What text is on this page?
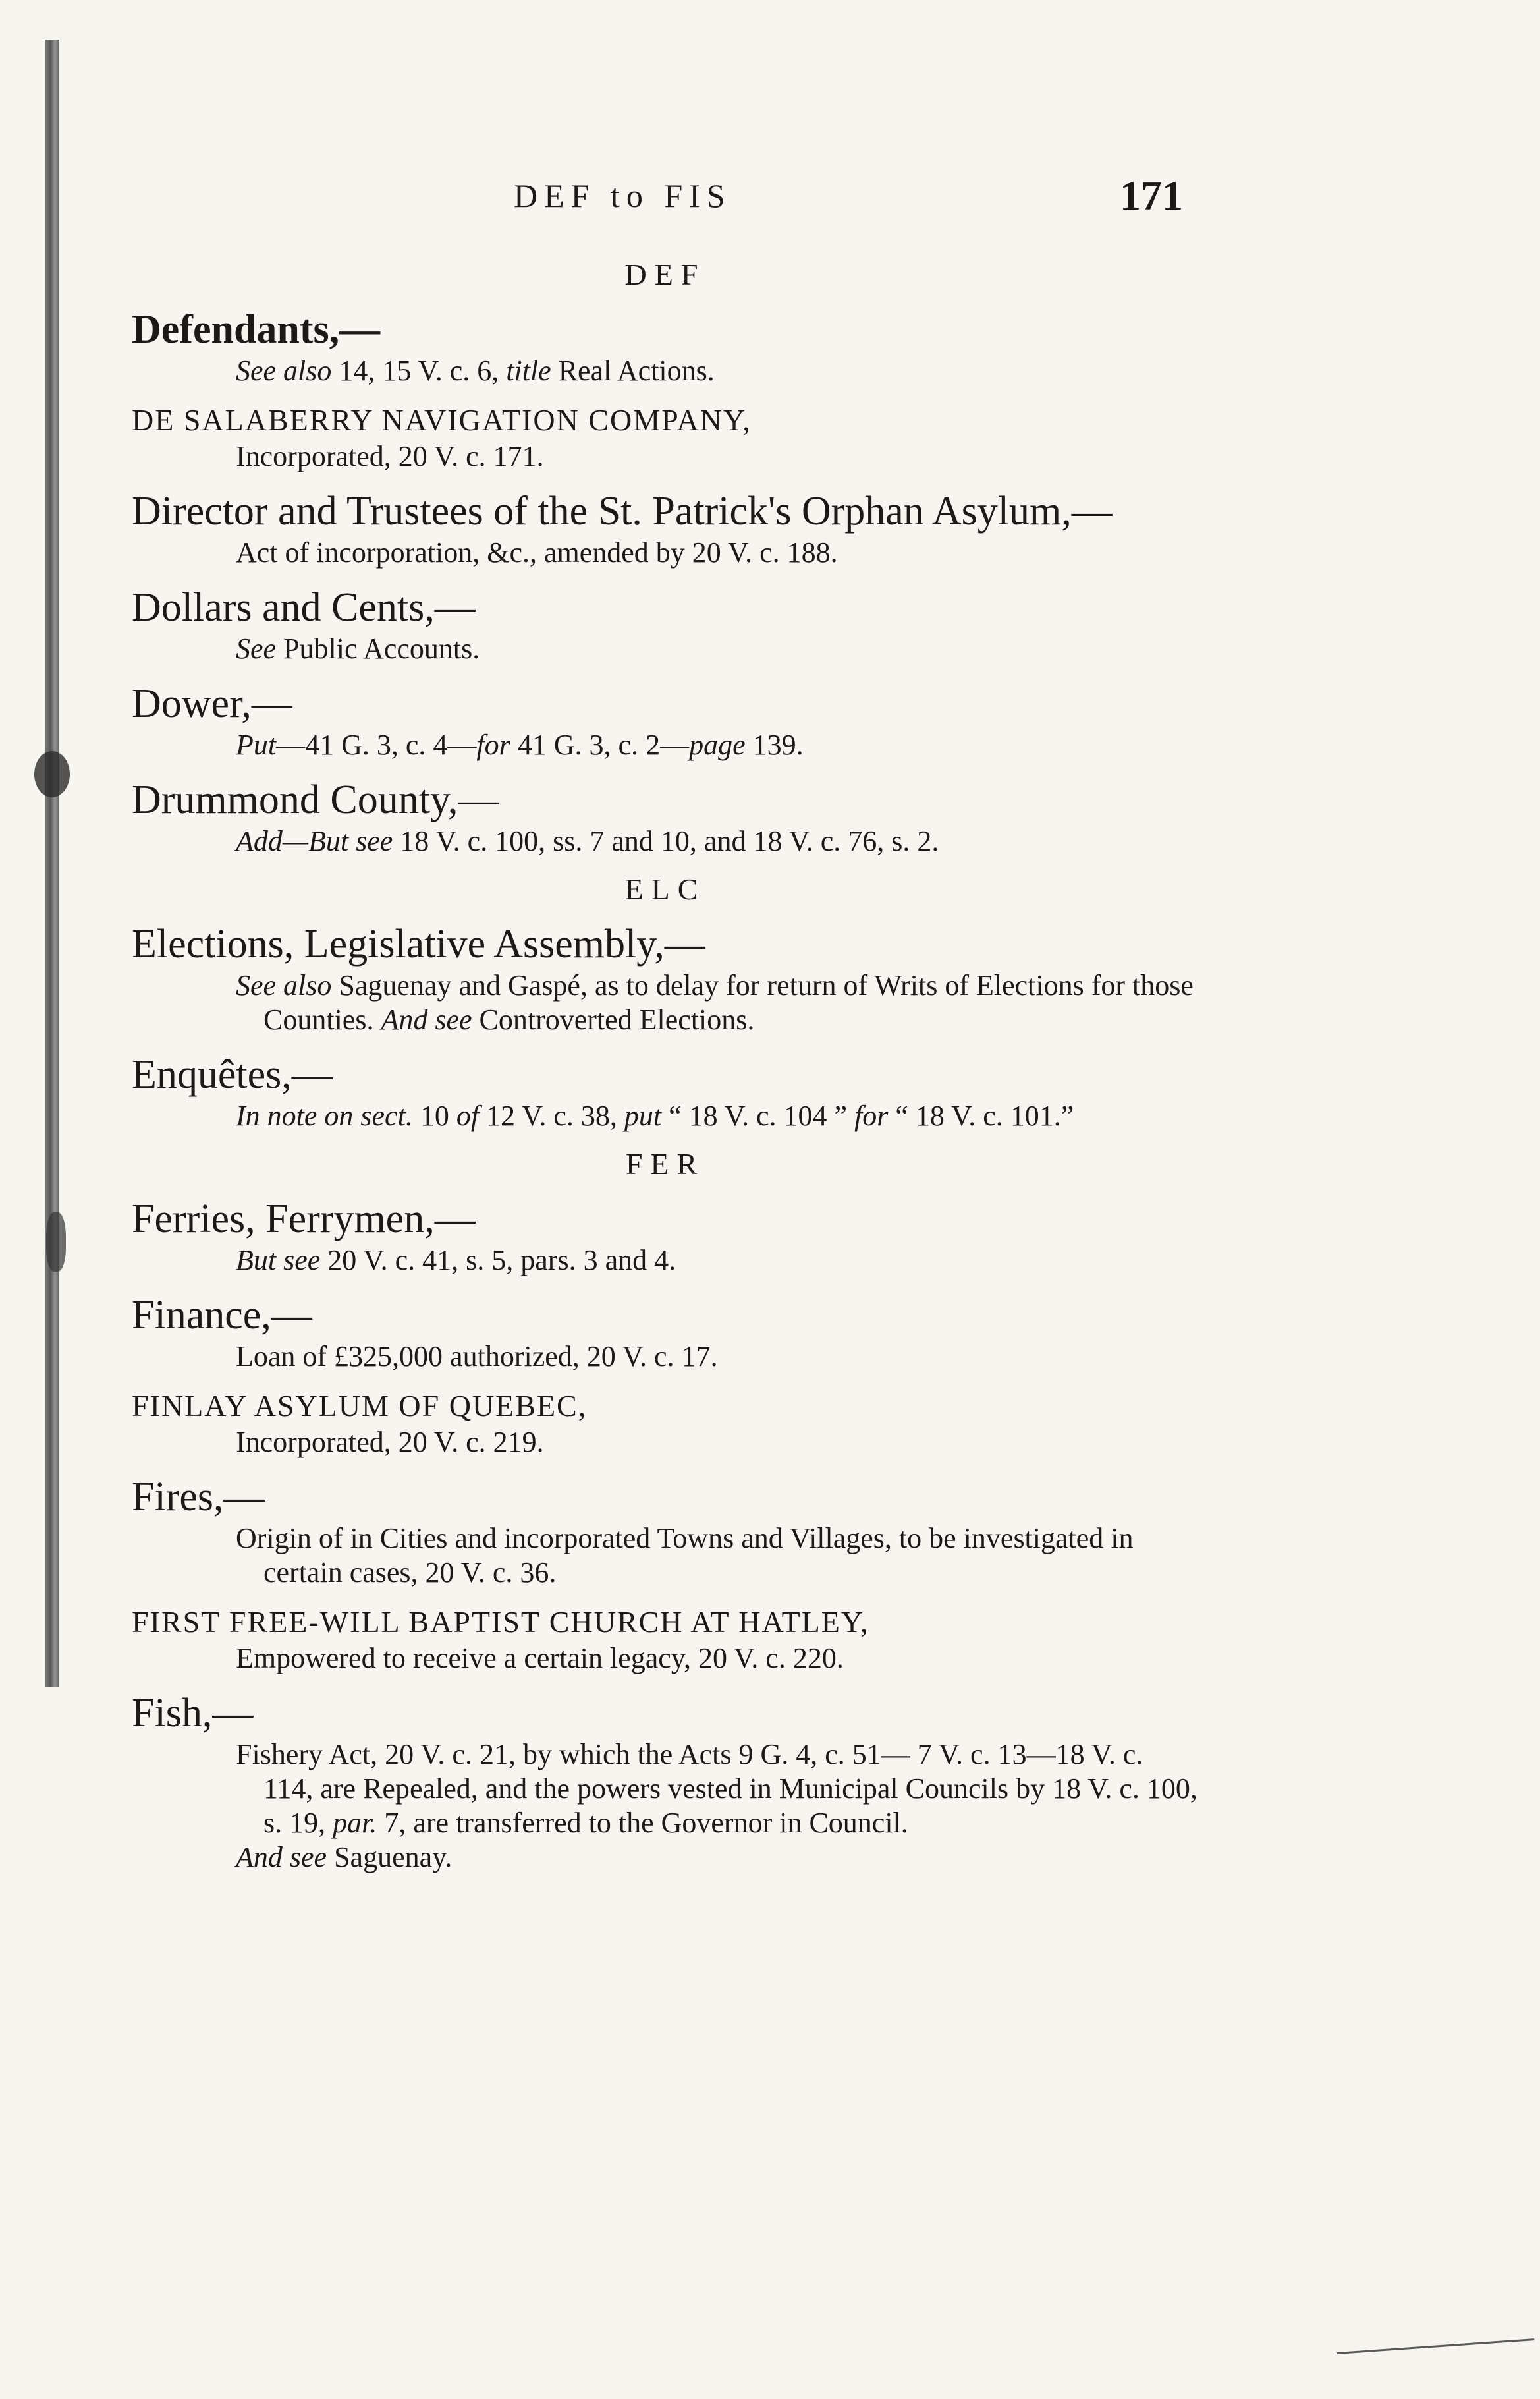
DEF to FIS	171
DEF
Defendants,—
See also 14, 15 V. c. 6, title Real Actions.
DE SALABERRY NAVIGATION COMPANY,
Incorporated, 20 V. c. 171.
Director and Trustees of the St. Patrick's Orphan Asylum,—
Act of incorporation, &c., amended by 20 V. c. 188.
Dollars and Cents,—
See Public Accounts.
Dower,—
Put—41 G. 3, c. 4—for 41 G. 3, c. 2—page 139.
Drummond County,—
Add—But see 18 V. c. 100, ss. 7 and 10, and 18 V. c. 76, s. 2.
ELC
Elections, Legislative Assembly,—
See also Saguenay and Gaspé, as to delay for return of Writs of Elections for those Counties. And see Controverted Elections.
Enquêtes,—
In note on sect. 10 of 12 V. c. 38, put “ 18 V. c. 104 ” for “ 18 V. c. 101.”
FER
Ferries, Ferrymen,—
But see 20 V. c. 41, s. 5, pars. 3 and 4.
Finance,—
Loan of £325,000 authorized, 20 V. c. 17.
FINLAY ASYLUM OF QUEBEC,
Incorporated, 20 V. c. 219.
Fires,—
Origin of in Cities and incorporated Towns and Villages, to be investigated in certain cases, 20 V. c. 36.
FIRST FREE-WILL BAPTIST CHURCH AT HATLEY,
Empowered to receive a certain legacy, 20 V. c. 220.
Fish,—
Fishery Act, 20 V. c. 21, by which the Acts 9 G. 4, c. 51— 7 V. c. 13—18 V. c. 114, are Repealed, and the powers vested in Municipal Councils by 18 V. c. 100, s. 19, par. 7, are transferred to the Governor in Council.
And see Saguenay.
